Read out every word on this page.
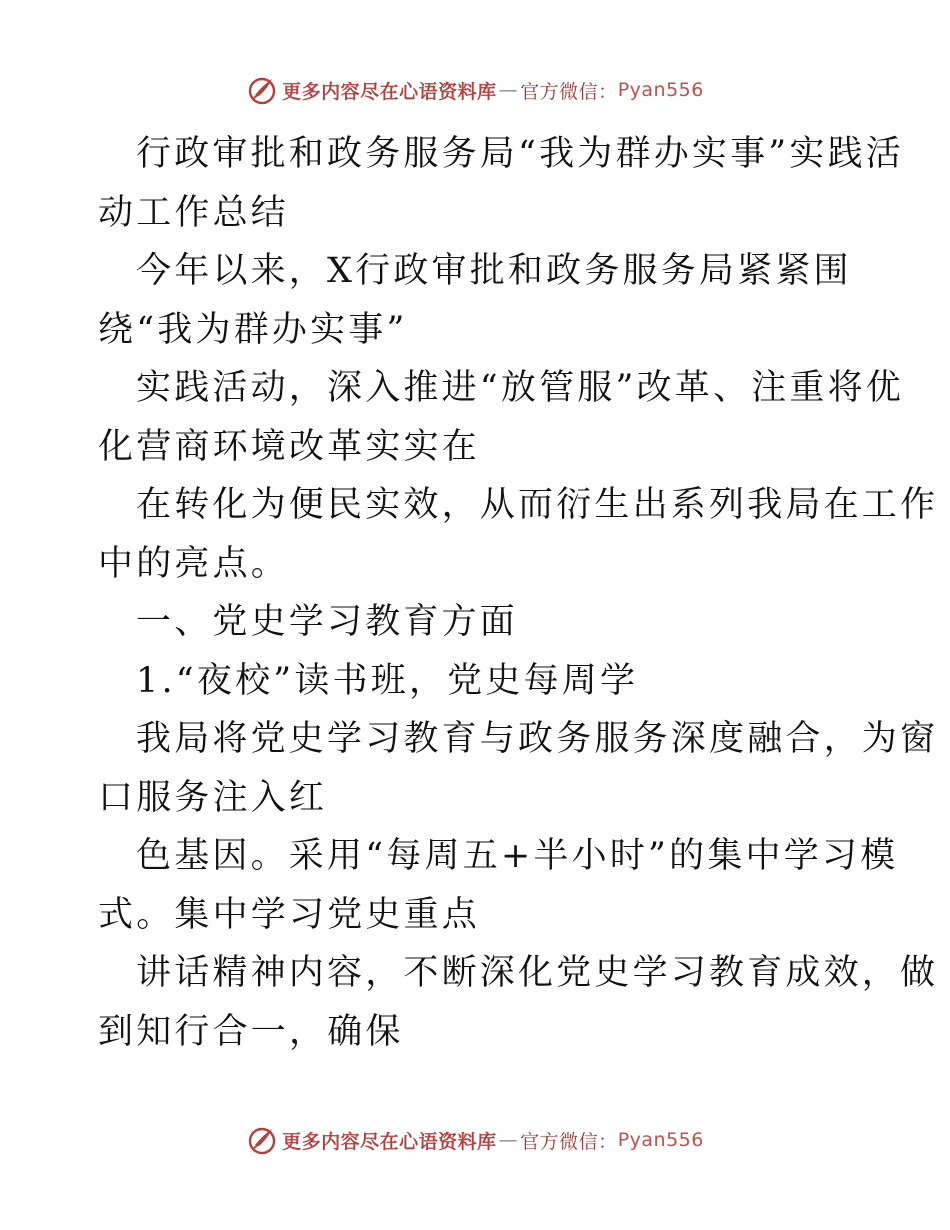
更多内容尽在心语资料库 — 官方微信： Pyan556
行政审批和政务服务局“我为群办实事”实践活
动工作总结
今年以来，X行政审批和政务服务局紧紧围
绕“我为群办实事”
实践活动，深入推进“放管服”改革、注重将优
化营商环境改革实实在
在转化为便民实效，从而衍生出系列我局在工作
中的亮点。
一、党史学习教育方面
1.“夜校”读书班，党史每周学
我局将党史学习教育与政务服务深度融合，为窗
口服务注入红
色基因。采用“每周五+半小时”的集中学习模
式。集中学习党史重点
讲话精神内容，不断深化党史学习教育成效，做
到知行合一，确保
更多内容尽在心语资料库 — 官方微信： Pyan556
